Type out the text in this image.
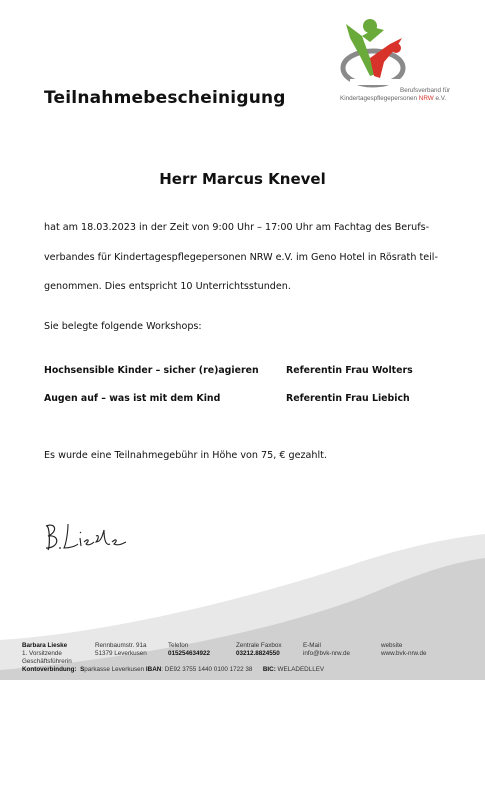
Berufsverband für
Kindertagespflegepersonen NRW e.V.
Teilnahmebescheinigung
Herr Marcus Knevel
hat am 18.03.2023 in der Zeit von 9:00 Uhr – 17:00 Uhr am Fachtag des Berufs-
verbandes für Kindertagespflegepersonen NRW e.V. im Geno Hotel in Rösrath teil-
genommen. Dies entspricht 10 Unterrichtsstunden.
Sie belegte folgende Workshops:
Hochsensible Kinder – sicher (re)agieren	Referentin Frau Wolters
Augen auf – was ist mit dem Kind	Referentin Frau Liebich
Es wurde eine Teilnahmegebühr in Höhe von 75, € gezahlt.
Barbara Lieske
1. Vorsitzende
Geschäftsführerin
Rennbaumstr. 91a
51379 Leverkusen
Telefon
015254634922
Zentrale Faxbox
03212.8824550
E-Mail
info@bvk-nrw.de
website
www.bvk-nrw.de
Kontoverbindung: Sparkasse Leverkusen IBAN: DE92 3755 1440 0100 1722 38 BIC: WELADEDLLEV
